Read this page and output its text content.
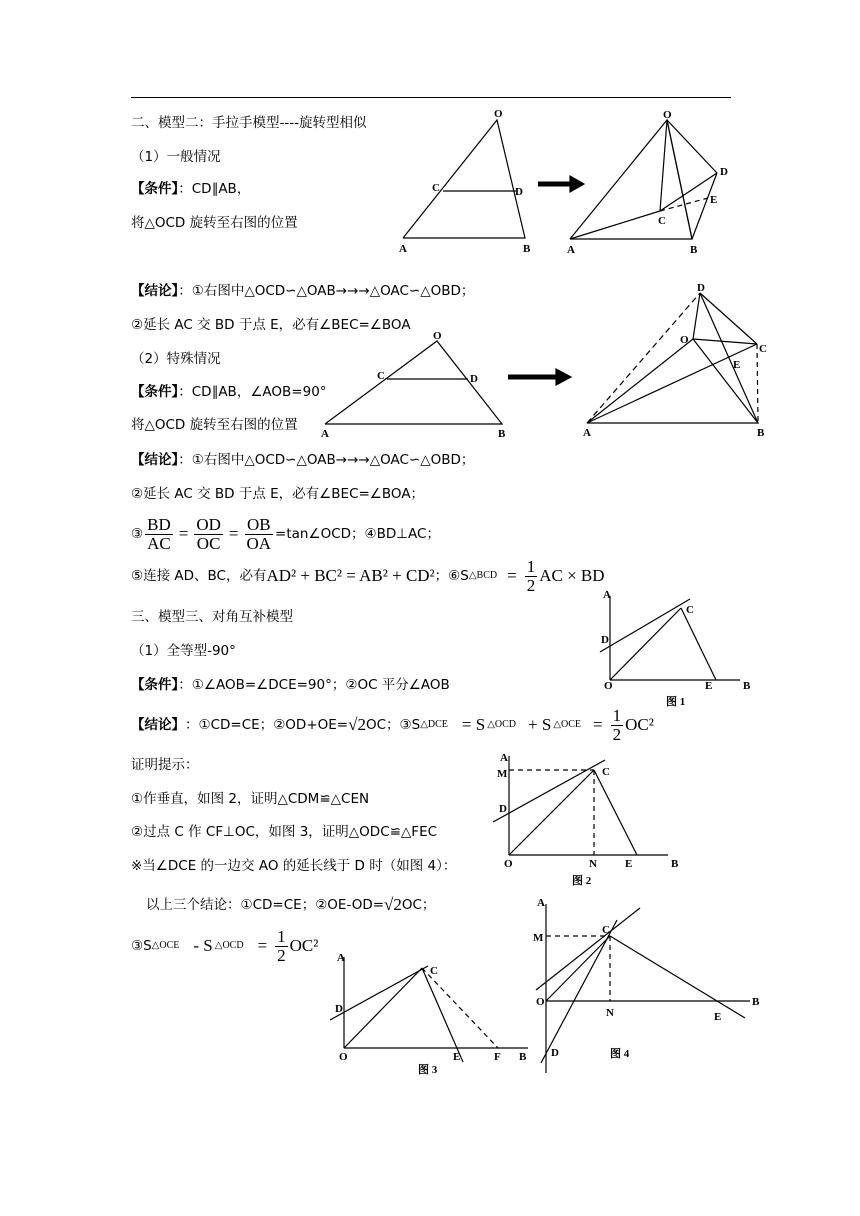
二、模型二：手拉手模型----旋转型相似
（1）一般情况
【条件】：CD∥AB，
将△OCD 旋转至右图的位置
【结论】：①右图中△OCD∽△OAB→→→△OAC∽△OBD；
②延长 AC 交 BD 于点 E，必有∠BEC=∠BOA
（2）特殊情况
【条件】：CD∥AB，∠AOB=90°
将△OCD 旋转至右图的位置
【结论】：①右图中△OCD∽△OAB→→→△OAC∽△OBD；
②延长 AC 交 BD 于点 E，必有∠BEC=∠BOA；
③ $\frac{BD}{AC} = \frac{OD}{OC} = \frac{OB}{OA}$ =tan∠OCD；④BD⊥AC；
⑤连接 AD、BC，必有 AD² + BC² = AB² + CD² ；⑥S △BCD = $\frac{1}{2}$ AC × BD
三、模型三、对角互补模型
（1）全等型-90°
【条件】：①∠AOB=∠DCE=90°；②OC 平分∠AOB
【结论】 ：①CD=CE；②OD+OE= √2 OC；③S △DCE = S △OCD + S △OCE = $\frac{1}{2} OC^2$
证明提示：
①作垂直，如图 2，证明△CDM≌△CEN
②过点 C 作 CF⊥OC，如图 3，证明△ODC≌△FEC
※当∠DCE 的一边交 AO 的延长线于 D 时（如图 4）：
以上三个结论：①CD=CE；②OE-OD= √2 OC；
③S △OCE - S △OCD = $\frac{1}{2} OC^2$
O
C	D
A	B
O
D
E
C
A	B
O
C	D
A	B
D
O
C
E
A	B
A
D
O
C
E	B
图 1
A
M
D
O
C
N	E	B
图 2
A
D
O
C
E	F B
图 3
A
M
O
C
N	E
B
D	图 4
